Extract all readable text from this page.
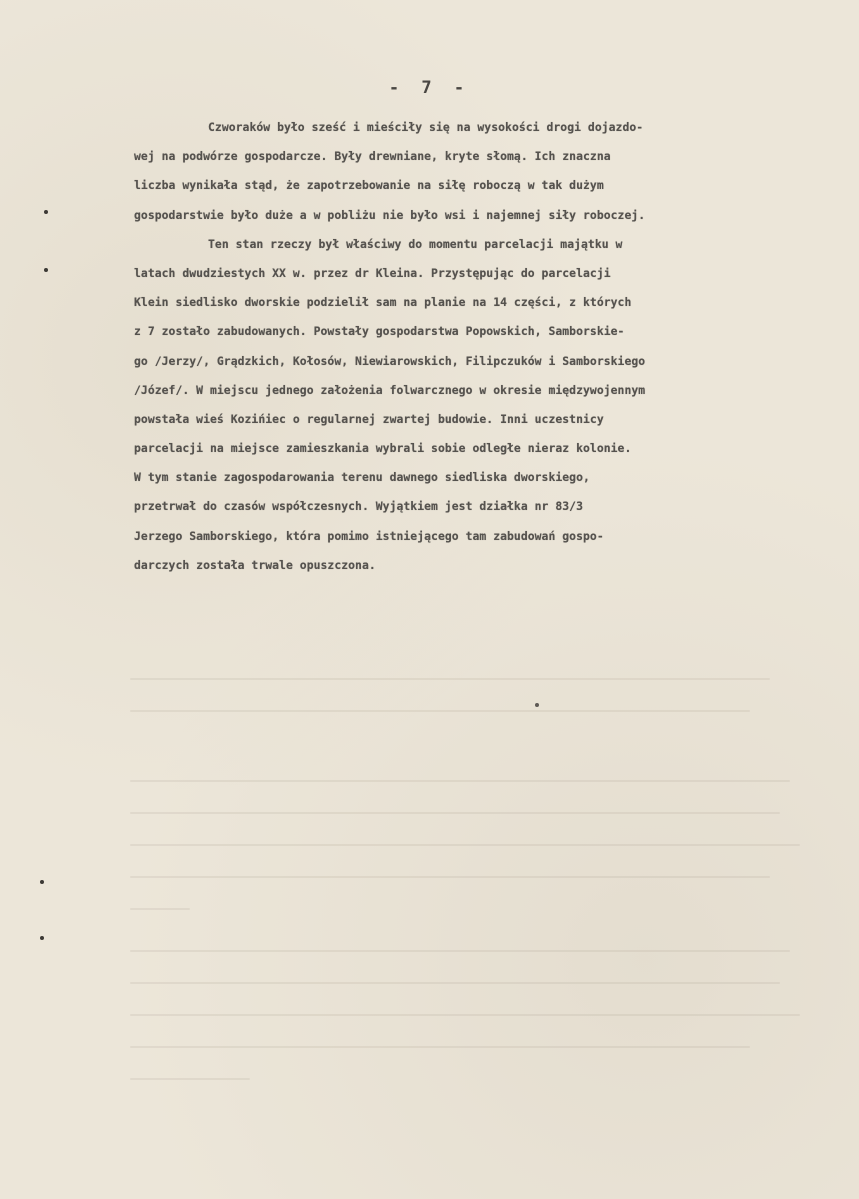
- 7 -
Czworaków było sześć i mieściły się na wysokości drogi dojazdo-
wej na podwórze gospodarcze. Były drewniane, kryte słomą. Ich znaczna
liczba wynikała stąd, że zapotrzebowanie na siłę roboczą w tak dużym
gospodarstwie było duże a w pobliżu nie było wsi i najemnej siły roboczej.
Ten stan rzeczy był właściwy do momentu parcelacji majątku w
latach dwudziestych XX w. przez dr Kleina. Przystępując do parcelacji
Klein siedlisko dworskie podzielił sam na planie na 14 części, z których
z 7 zostało zabudowanych. Powstały gospodarstwa Popowskich, Samborskie-
go /Jerzy/, Grądzkich, Kołosów, Niewiarowskich, Filipczuków i Samborskiego
/Józef/. W miejscu jednego założenia folwarcznego w okresie międzywojennym
powstała wieś Kozińiec o regularnej zwartej budowie. Inni uczestnicy
parcelacji na miejsce zamieszkania wybrali sobie odległe nieraz kolonie.
W tym stanie zagospodarowania terenu dawnego siedliska dworskiego,
przetrwał do czasów współczesnych. Wyjątkiem jest działka nr 83/3
Jerzego Samborskiego, która pomimo istniejącego tam zabudowań gospo-
darczych została trwale opuszczona.
